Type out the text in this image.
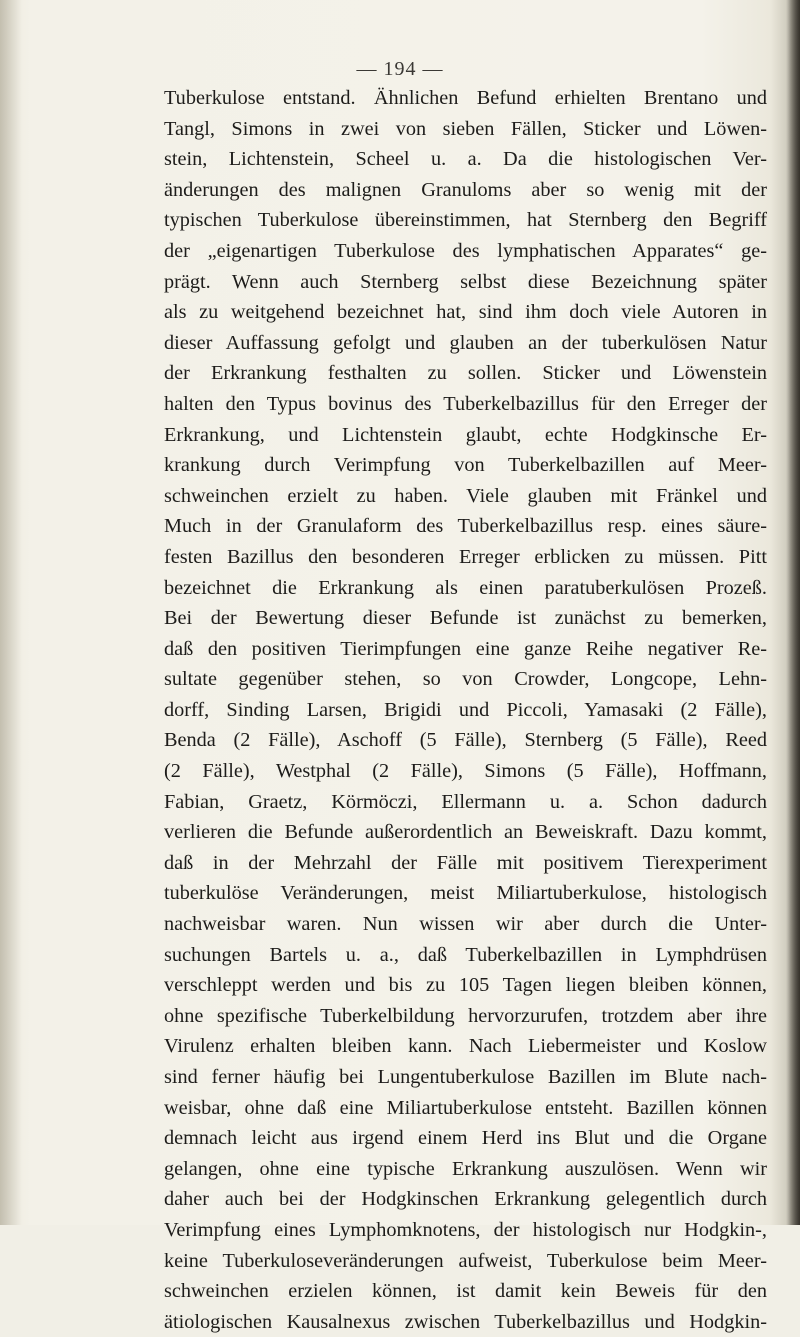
— 194 —
Tuberkulose entstand. Ähnlichen Befund erhielten Brentano und
Tangl, Simons in zwei von sieben Fällen, Sticker und Löwen-
stein, Lichtenstein, Scheel u. a. Da die histologischen Ver-
änderungen des malignen Granuloms aber so wenig mit der
typischen Tuberkulose übereinstimmen, hat Sternberg den Begriff
der „eigenartigen Tuberkulose des lymphatischen Apparates“ ge-
prägt. Wenn auch Sternberg selbst diese Bezeichnung später
als zu weitgehend bezeichnet hat, sind ihm doch viele Autoren in
dieser Auffassung gefolgt und glauben an der tuberkulösen Natur
der Erkrankung festhalten zu sollen. Sticker und Löwenstein
halten den Typus bovinus des Tuberkelbazillus für den Erreger der
Erkrankung, und Lichtenstein glaubt, echte Hodgkinsche Er-
krankung durch Verimpfung von Tuberkelbazillen auf Meer-
schweinchen erzielt zu haben. Viele glauben mit Fränkel und
Much in der Granulaform des Tuberkelbazillus resp. eines säure-
festen Bazillus den besonderen Erreger erblicken zu müssen. Pitt
bezeichnet die Erkrankung als einen paratuberkulösen Prozeß.
Bei der Bewertung dieser Befunde ist zunächst zu bemerken,
daß den positiven Tierimpfungen eine ganze Reihe negativer Re-
sultate gegenüber stehen, so von Crowder, Longcope, Lehn-
dorff, Sinding Larsen, Brigidi und Piccoli, Yamasaki (2 Fälle),
Benda (2 Fälle), Aschoff (5 Fälle), Sternberg (5 Fälle), Reed
(2 Fälle), Westphal (2 Fälle), Simons (5 Fälle), Hoffmann,
Fabian, Graetz, Körmöczi, Ellermann u. a. Schon dadurch
verlieren die Befunde außerordentlich an Beweiskraft. Dazu kommt,
daß in der Mehrzahl der Fälle mit positivem Tierexperiment
tuberkulöse Veränderungen, meist Miliartuberkulose, histologisch
nachweisbar waren. Nun wissen wir aber durch die Unter-
suchungen Bartels u. a., daß Tuberkelbazillen in Lymphdrüsen
verschleppt werden und bis zu 105 Tagen liegen bleiben können,
ohne spezifische Tuberkelbildung hervorzurufen, trotzdem aber ihre
Virulenz erhalten bleiben kann. Nach Liebermeister und Koslow
sind ferner häufig bei Lungentuberkulose Bazillen im Blute nach-
weisbar, ohne daß eine Miliartuberkulose entsteht. Bazillen können
demnach leicht aus irgend einem Herd ins Blut und die Organe
gelangen, ohne eine typische Erkrankung auszulösen. Wenn wir
daher auch bei der Hodgkinschen Erkrankung gelegentlich durch
Verimpfung eines Lymphomknotens, der histologisch nur Hodgkin-,
keine Tuberkuloseveränderungen aufweist, Tuberkulose beim Meer-
schweinchen erzielen können, ist damit kein Beweis für den
ätiologischen Kausalnexus zwischen Tuberkelbazillus und Hodgkin-
